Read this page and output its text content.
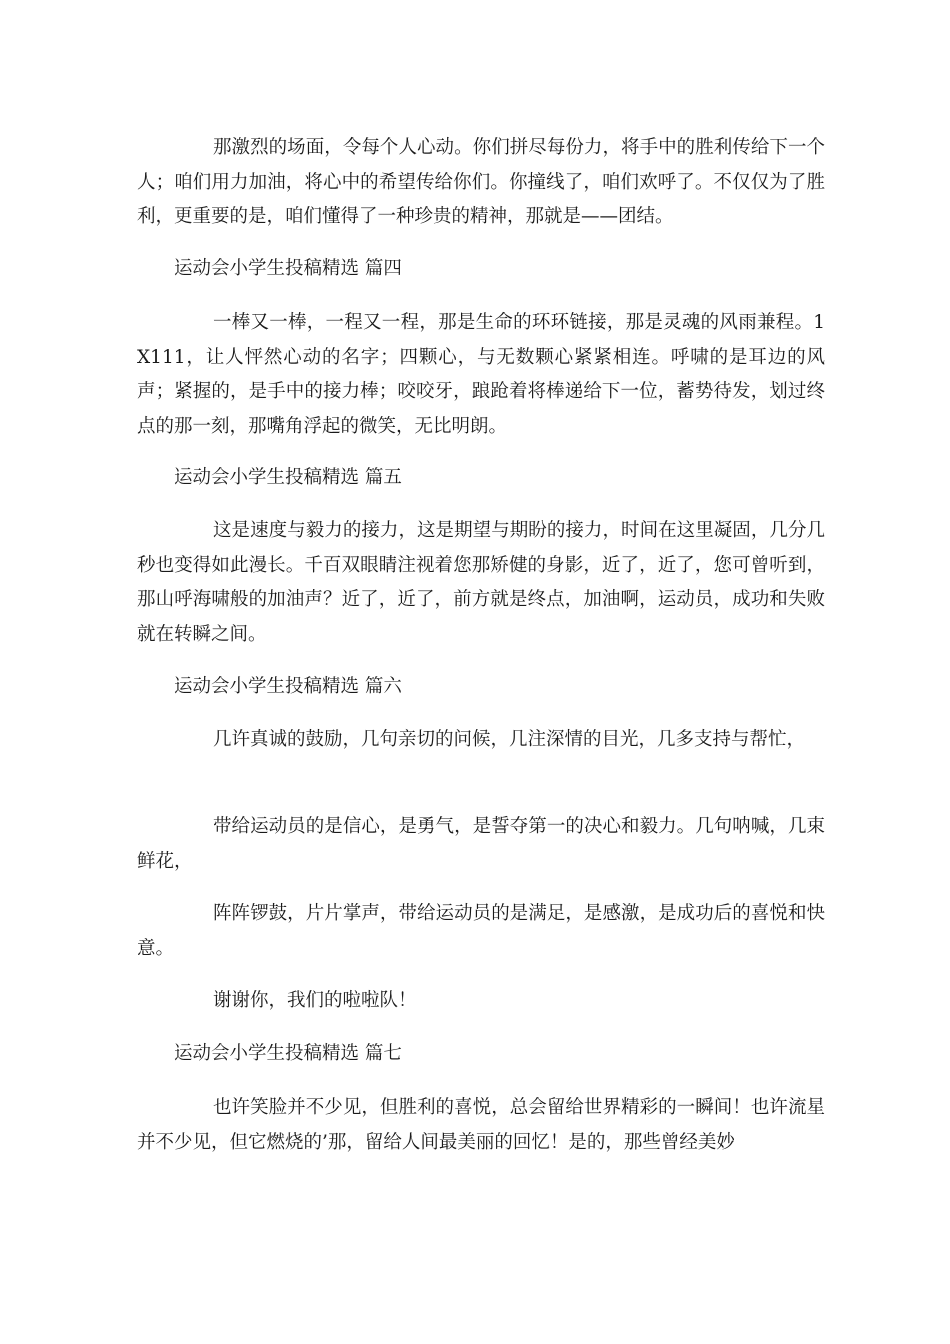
那激烈的场面，令每个人心动。你们拼尽每份力，将手中的胜利传给下一个人；咱们用力加油，将心中的希望传给你们。你撞线了，咱们欢呼了。不仅仅为了胜利，更重要的是，咱们懂得了一种珍贵的精神，那就是——团结。

运动会小学生投稿精选 篇四

一棒又一棒，一程又一程，那是生命的环环链接，那是灵魂的风雨兼程。1X111，让人怦然心动的名字；四颗心，与无数颗心紧紧相连。呼啸的是耳边的风声；紧握的，是手中的接力棒；咬咬牙，踉跄着将棒递给下一位，蓄势待发，划过终点的那一刻，那嘴角浮起的微笑，无比明朗。

运动会小学生投稿精选 篇五

这是速度与毅力的接力，这是期望与期盼的接力，时间在这里凝固，几分几秒也变得如此漫长。千百双眼睛注视着您那矫健的身影，近了，近了，您可曾听到，那山呼海啸般的加油声？近了，近了，前方就是终点，加油啊，运动员，成功和失败就在转瞬之间。

运动会小学生投稿精选 篇六

几许真诚的鼓励，几句亲切的问候，几注深情的目光，几多支持与帮忙，

带给运动员的是信心，是勇气，是誓夺第一的决心和毅力。几句呐喊，几束鲜花，

阵阵锣鼓，片片掌声，带给运动员的是满足，是感激，是成功后的喜悦和快意。

谢谢你，我们的啦啦队！

运动会小学生投稿精选 篇七

也许笑脸并不少见，但胜利的喜悦，总会留给世界精彩的一瞬间！也许流星并不少见，但它燃烧的’那，留给人间最美丽的回忆！是的，那些曾经美妙
